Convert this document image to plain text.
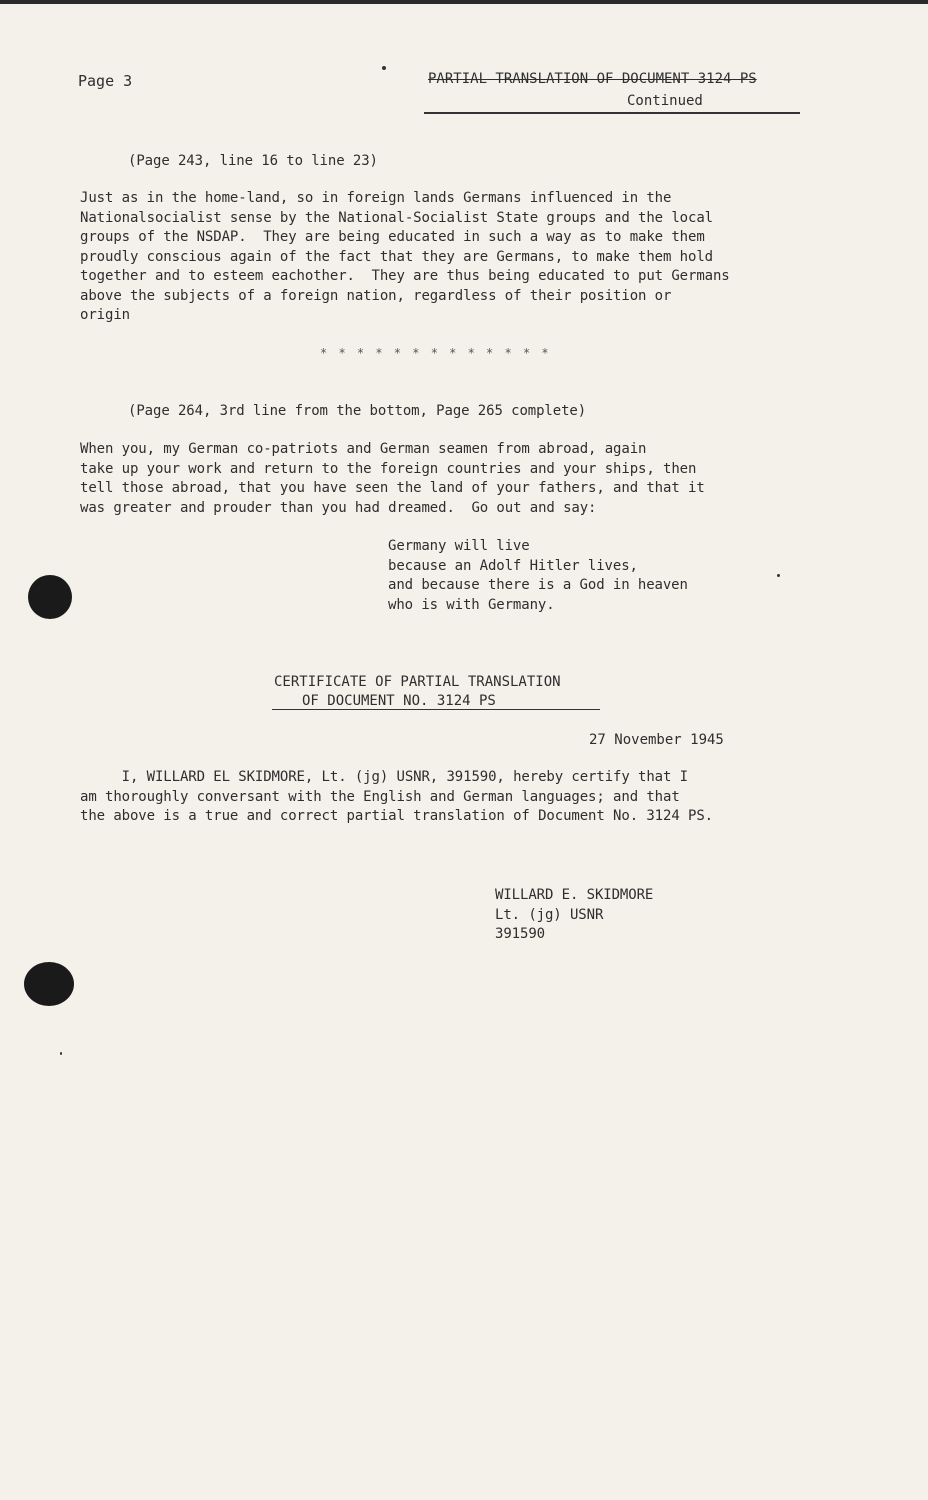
Page 3	PARTIAL TRANSLATION OF DOCUMENT 3124 PS
Continued
(Page 243, line 16 to line 23)
Just as in the home-land, so in foreign lands Germans influenced in the
Nationalsocialist sense by the National-Socialist State groups and the local
groups of the NSDAP.  They are being educated in such a way as to make them
proudly conscious again of the fact that they are Germans, to make them hold
together and to esteem eachother.  They are thus being educated to put Germans
above the subjects of a foreign nation, regardless of their position or
origin
* * * * * * * * * * * * *
(Page 264, 3rd line from the bottom, Page 265 complete)
When you, my German co-patriots and German seamen from abroad, again
take up your work and return to the foreign countries and your ships, then
tell those abroad, that you have seen the land of your fathers, and that it
was greater and prouder than you had dreamed.  Go out and say:
Germany will live
because an Adolf Hitler lives,
and because there is a God in heaven
who is with Germany.
CERTIFICATE OF PARTIAL TRANSLATION
OF DOCUMENT NO. 3124 PS
27 November 1945
I, WILLARD EL SKIDMORE, Lt. (jg) USNR, 391590, hereby certify that I
am thoroughly conversant with the English and German languages; and that
the above is a true and correct partial translation of Document No. 3124 PS.
WILLARD E. SKIDMORE
Lt. (jg) USNR
391590
